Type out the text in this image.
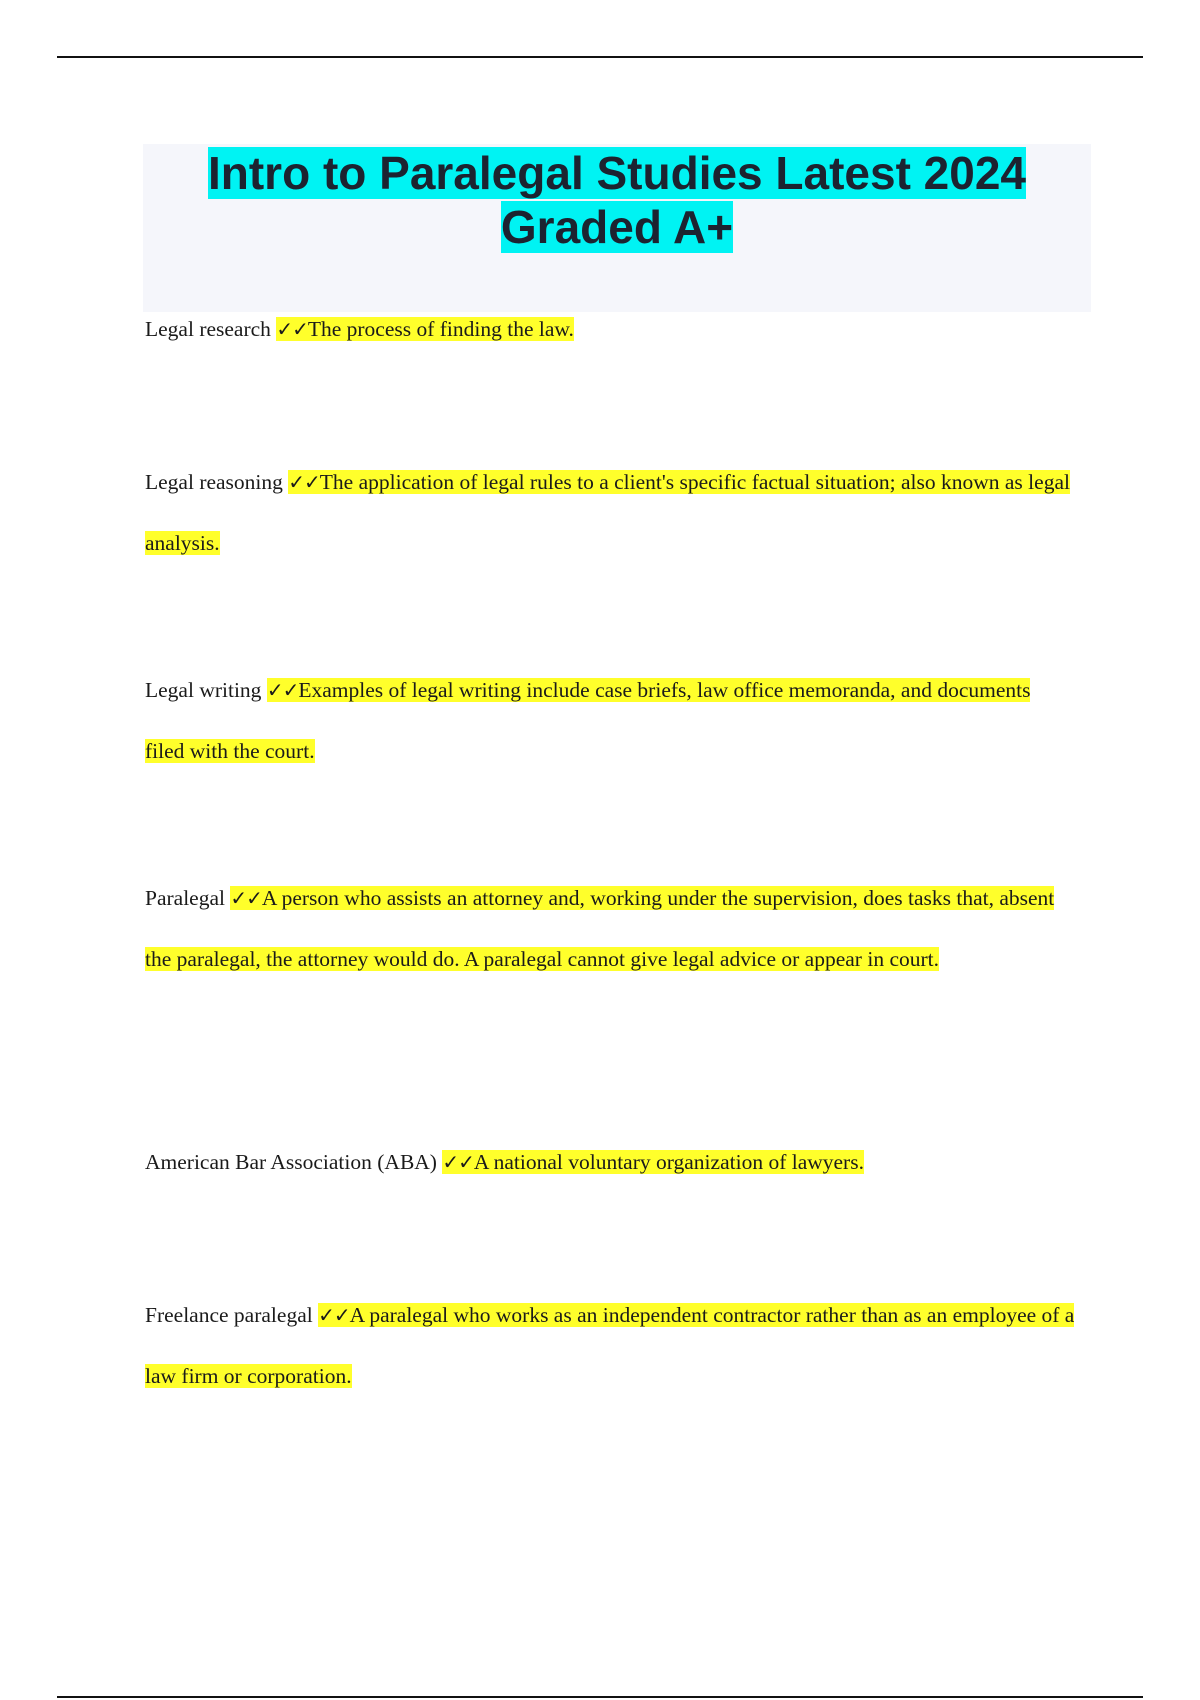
Intro to Paralegal Studies Latest 2024 Graded A+

Legal research ✓✓The process of finding the law.

Legal reasoning ✓✓The application of legal rules to a client's specific factual situation; also known as legal analysis.

Legal writing ✓✓Examples of legal writing include case briefs, law office memoranda, and documents filed with the court.

Paralegal ✓✓A person who assists an attorney and, working under the supervision, does tasks that, absent the paralegal, the attorney would do. A paralegal cannot give legal advice or appear in court.

American Bar Association (ABA) ✓✓A national voluntary organization of lawyers.

Freelance paralegal ✓✓A paralegal who works as an independent contractor rather than as an employee of a law firm or corporation.
